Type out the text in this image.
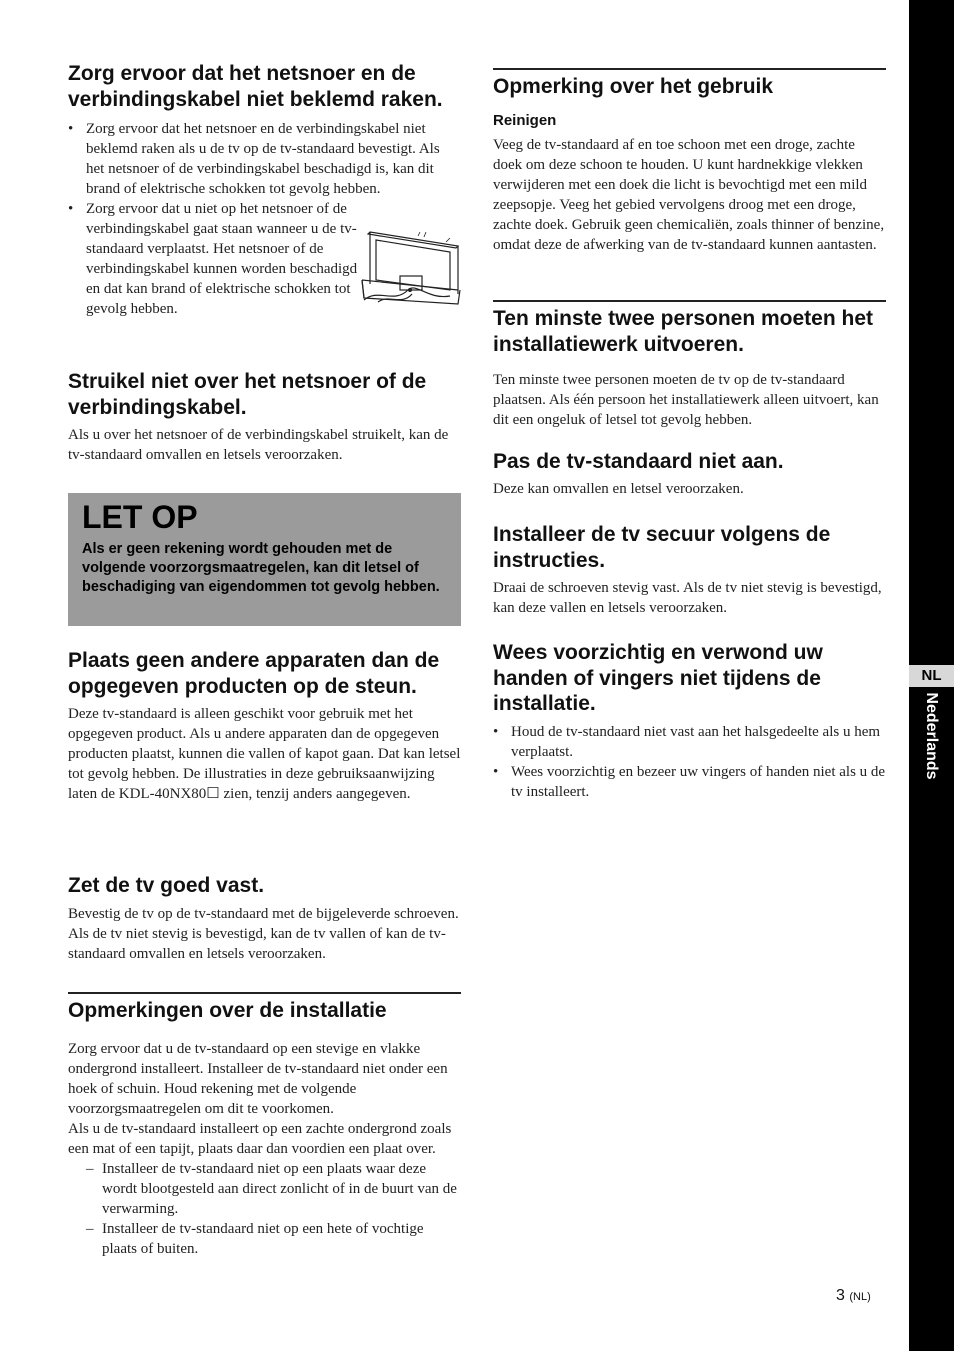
Zorg ervoor dat het netsnoer en de verbindingskabel niet beklemd raken.
• Zorg ervoor dat het netsnoer en de verbindingskabel niet beklemd raken als u de tv op de tv-standaard bevestigt. Als het netsnoer of de verbindingskabel beschadigd is, kan dit brand of elektrische schokken tot gevolg hebben.
• Zorg ervoor dat u niet op het netsnoer of de verbindingskabel gaat staan wanneer u de tv-standaard verplaatst. Het netsnoer of de verbindingskabel kunnen worden beschadigd en dat kan brand of elektrische schokken tot gevolg hebben.
Struikel niet over het netsnoer of de verbindingskabel.

Als u over het netsnoer of de verbindingskabel struikelt, kan de tv-standaard omvallen en letsels veroorzaken.

Plaats geen andere apparaten dan de opgegeven producten op de steun.

Deze tv-standaard is alleen geschikt voor gebruik met het opgegeven product. Als u andere apparaten dan de opgegeven producten plaatst, kunnen die vallen of kapot gaan. Dat kan letsel tot gevolg hebben. De illustraties in deze gebruiksaanwijzing laten de KDL-40NX80☐ zien, tenzij anders aangegeven.

Zet de tv goed vast.

Bevestig de tv op de tv-standaard met de bijgeleverde schroeven. Als de tv niet stevig is bevestigd, kan de tv vallen of kan de tv-standaard omvallen en letsels veroorzaken.

Opmerkingen over de installatie

Zorg ervoor dat u de tv-standaard op een stevige en vlakke ondergrond installeert. Installeer de tv-standaard niet onder een hoek of schuin. Houd rekening met de volgende voorzorgsmaatregelen om dit te voorkomen.

Als u de tv-standaard installeert op een zachte ondergrond zoals een mat of een tapijt, plaats daar dan voordien een plaat over.

– Installeer de tv-standaard niet op een plaats waar deze wordt blootgesteld aan direct zonlicht of in de buurt van de verwarming.
– Installeer de tv-standaard niet op een hete of vochtige plaats of buiten.
LET OP
Als er geen rekening wordt gehouden met de volgende voorzorgsmaatregelen, kan dit letsel of beschadiging van eigendommen tot gevolg hebben.
Opmerking over het gebruik
Reinigen

Veeg de tv-standaard af en toe schoon met een droge, zachte doek om deze schoon te houden. U kunt hardnekkige vlekken verwijderen met een doek die licht is bevochtigd met een mild zeepsopje. Veeg het gebied vervolgens droog met een droge, zachte doek. Gebruik geen chemicaliën, zoals thinner of benzine, omdat deze de afwerking van de tv-standaard kunnen aantasten.

Ten minste twee personen moeten het installatiewerk uitvoeren.

Ten minste twee personen moeten de tv op de tv-standaard plaatsen. Als één persoon het installatiewerk alleen uitvoert, kan dit een ongeluk of letsel tot gevolg hebben.

Pas de tv-standaard niet aan.

Deze kan omvallen en letsel veroorzaken.

Installeer de tv secuur volgens de instructies.

Draai de schroeven stevig vast. Als de tv niet stevig is bevestigd, kan deze vallen en letsels veroorzaken.

Wees voorzichtig en verwond uw handen of vingers niet tijdens de installatie.
• Houd de tv-standaard niet vast aan het halsgedeelte als u hem verplaatst.
• Wees voorzichtig en bezeer uw vingers of handen niet als u de tv installeert.
NL
Nederlands
3 (NL)
